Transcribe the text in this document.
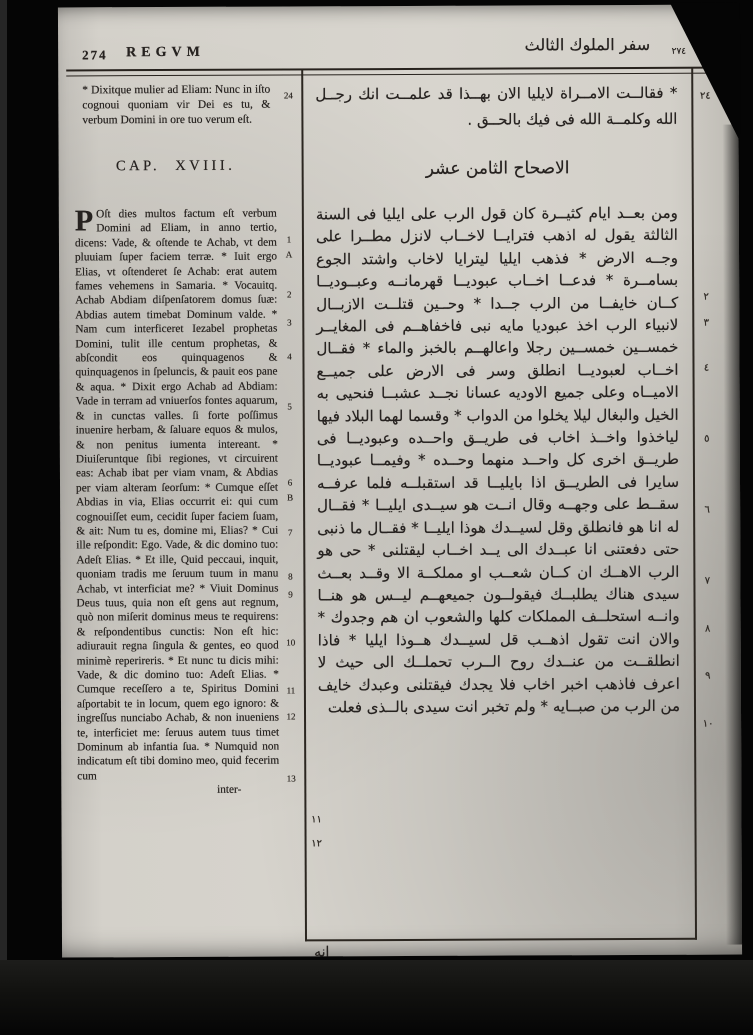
274 REGVM	سفر الملوك الثالث ٢٧٤

* Dixitque mulier ad Eliam: Nunc in iſto cognoui quoniam vir Dei es tu, & verbum Domini in ore tuo verum eſt.

CAP. XVIII.
P Oſt dies multos factum eſt verbum Domini ad Eliam, in anno tertio, dicens: Vade, & oſtende te Achab, vt dem pluuiam ſuper faciem terræ. * Iuit ergo Elias, vt oſtenderet ſe Achab: erat autem fames vehemens in Samaria. * Vocauitq. Achab Abdiam diſpenſatorem domus ſuæ: Abdias autem timebat Dominum valde. * Nam cum interficeret Iezabel prophetas Domini, tulit ille centum prophetas, & abſcondit eos quinquagenos & quinquagenos in ſpeluncis, & pauit eos pane & aqua. * Dixit ergo Achab ad Abdiam: Vade in terram ad vniuerſos fontes aquarum, & in cunctas valles. ſi forte poſſimus inuenire herbam, & ſaluare equos & mulos, & non penitus iumenta intereant. * Diuiſeruntque ſibi regiones, vt circuirent eas: Achab ibat per viam vnam, & Abdias per viam alteram ſeorſum: * Cumque eſſet Abdias in via, Elias occurrit ei: qui cum cognouiſſet eum, cecidit ſuper faciem ſuam, & ait: Num tu es, domine mi, Elias? * Cui ille reſpondit: Ego. Vade, & dic domino tuo: Adeſt Elias. * Et ille, Quid peccaui, inquit, quoniam tradis me ſeruum tuum in manu Achab, vt interficiat me? * Viuit Dominus Deus tuus, quia non eſt gens aut regnum, quò non miſerit dominus meus te requirens: & reſpondentibus cunctis: Non eſt hic: adiurauit regna ſingula & gentes, eo quod minimè reperireris. * Et nunc tu dicis mihi: Vade, & dic domino tuo: Adeſt Elias. * Cumque receſſero a te, Spiritus Domini aſportabit te in locum, quem ego ignoro: & ingreſſus nunciabo Achab, & non inueniens te, interficiet me: ſeruus autem tuus timet Dominum ab infantia ſua. * Numquid non indicatum eſt tibi domino meo, quid fecerim cum
inter-

* فقالــت الامــراة لايليا الان بهــذا قد علمــت انك رجــل الله وكلمــة الله فى فيك بالحــق .

الاصحاح الثامن عشر
ومن بعــد ايام كثيــرة كان قول الرب على ايليا فى السنة الثالثة يقول له اذهب فترايــا لاخــاب لانزل مطــرا على وجــه الارض * فذهب ايليا ليترايا لاخاب واشتد الجوع بسامــرة * فدعــا اخــاب عبوديــا قهرمانــه وعبــوديــا كــان خايفــا من الرب جــدا * وحــين قتلــت الازبــال لانبياء الرب اخذ عبوديا مايه نبى فاخفاهــم فى المغايــر خمســين خمســين رجلا واعالهــم بالخبز والماء * فقــال اخــاب لعبوديــا انطلق وسر فى الارض على جميــع الاميــاه وعلى جميع الاوديه عسانا نجــد عشبــا فنحيى به الخيل والبغال ليلا يخلوا من الدواب * وقسما لهما البلاد فيها لياخذوا واخــذ اخاب فى طريــق واحــده وعبوديــا فى طريــق اخرى كل واحــد منهما وحــده * وفيمــا عبوديــا سايرا فى الطريــق اذا بايليــا قد استقبلــه فلما عرفــه سقــط على وجهــه وقال انــت هو سيــدى ايليــا * فقــال له انا هو فانطلق وقل لسيــدك هوذا ايليــا * فقــال ما ذنبى حتى دفعتنى انا عبــدك الى يــد اخــاب ليقتلنى * حى هو الرب الاهــك ان كــان شعــب او مملكــة الا وقــد بعــث سيدى هناك يطلبــك فيقولــون جميعهــم ليــس هو هنــا وانــه استحلــف المملكات كلها والشعوب ان هم وجدوك * والان انت تقول اذهــب قل لسيــدك هــوذا ايليا * فاذا انطلقــت من عنــدك روح الــرب تحملــك الى حيث لا اعرف فاذهب اخبر اخاب فلا يجدك فيقتلنى وعبدك خايف من الرب من صبــايه * ولم تخبر انت سيدى بالــذى فعلت
انه
24
1
A
2
3
4
5
6
B
7
8
9
10
11
12
13
٢٤
٢
٣
٤
٥
٦
٧
٨
٩
١٠
١١
١٢
